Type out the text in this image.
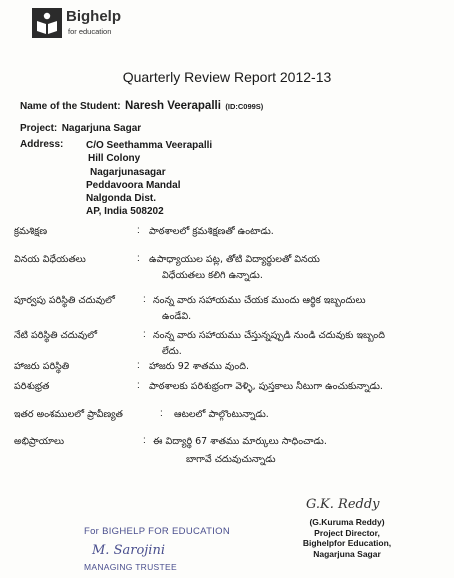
Bighelp
for education
Quarterly Review Report 2012-13
Name of the Student: Naresh Veerapalli (ID:C099S)
Project: Nagarjuna Sagar
Address: C/O Seethamma Veerapalli
Hill Colony
Nagarjunasagar
Peddavoora Mandal
Nalgonda Dist.
AP, India 508202
క్రమశిక్షణ	: పాఠశాలలో క్రమశిక్షణతో ఉంటాడు.
వినయ విధేయతలు	: ఉపాధ్యాయుల పట్ల, తోటి విద్యార్థులతో వినయ
విధేయతలు కలిగి ఉన్నాడు.
పూర్వపు పరిస్థితి చదువులో	: నంన్న వారు సహాయము చేయక ముందు ఆర్థిక ఇబ్బందులు
ఉండేవి.
నేటి పరిస్థితి చదువులో	: నంన్న వారు సహాయము చేస్తున్నప్పుడి నుండి చదువుకు ఇబ్బంది
లేదు.
హాజరు పరిస్థితి	: హాజరు 92 శాతము వుంది.
పరిశుభ్రత	: పాఠశాలకు పరిశుభ్రంగా వెళ్ళి, పుస్తకాలు నీటుగా ఉంచుకున్నాడు.
ఇతర అంశములలో ప్రావీణ్యత	: ఆటలలో పాల్గొంటున్నాడు.
అభిప్రాయాలు	: ఈ విద్యార్థి 67 శాతము మార్కులు సాధించాడు.
బాగావే చదువుచున్నాడు
For BIGHELP FOR EDUCATION
M. Sarojini
MANAGING TRUSTEE
G.K. Reddy
(G.Kuruma Reddy)
Project Director,
Bighelpfor Education,
Nagarjuna Sagar
